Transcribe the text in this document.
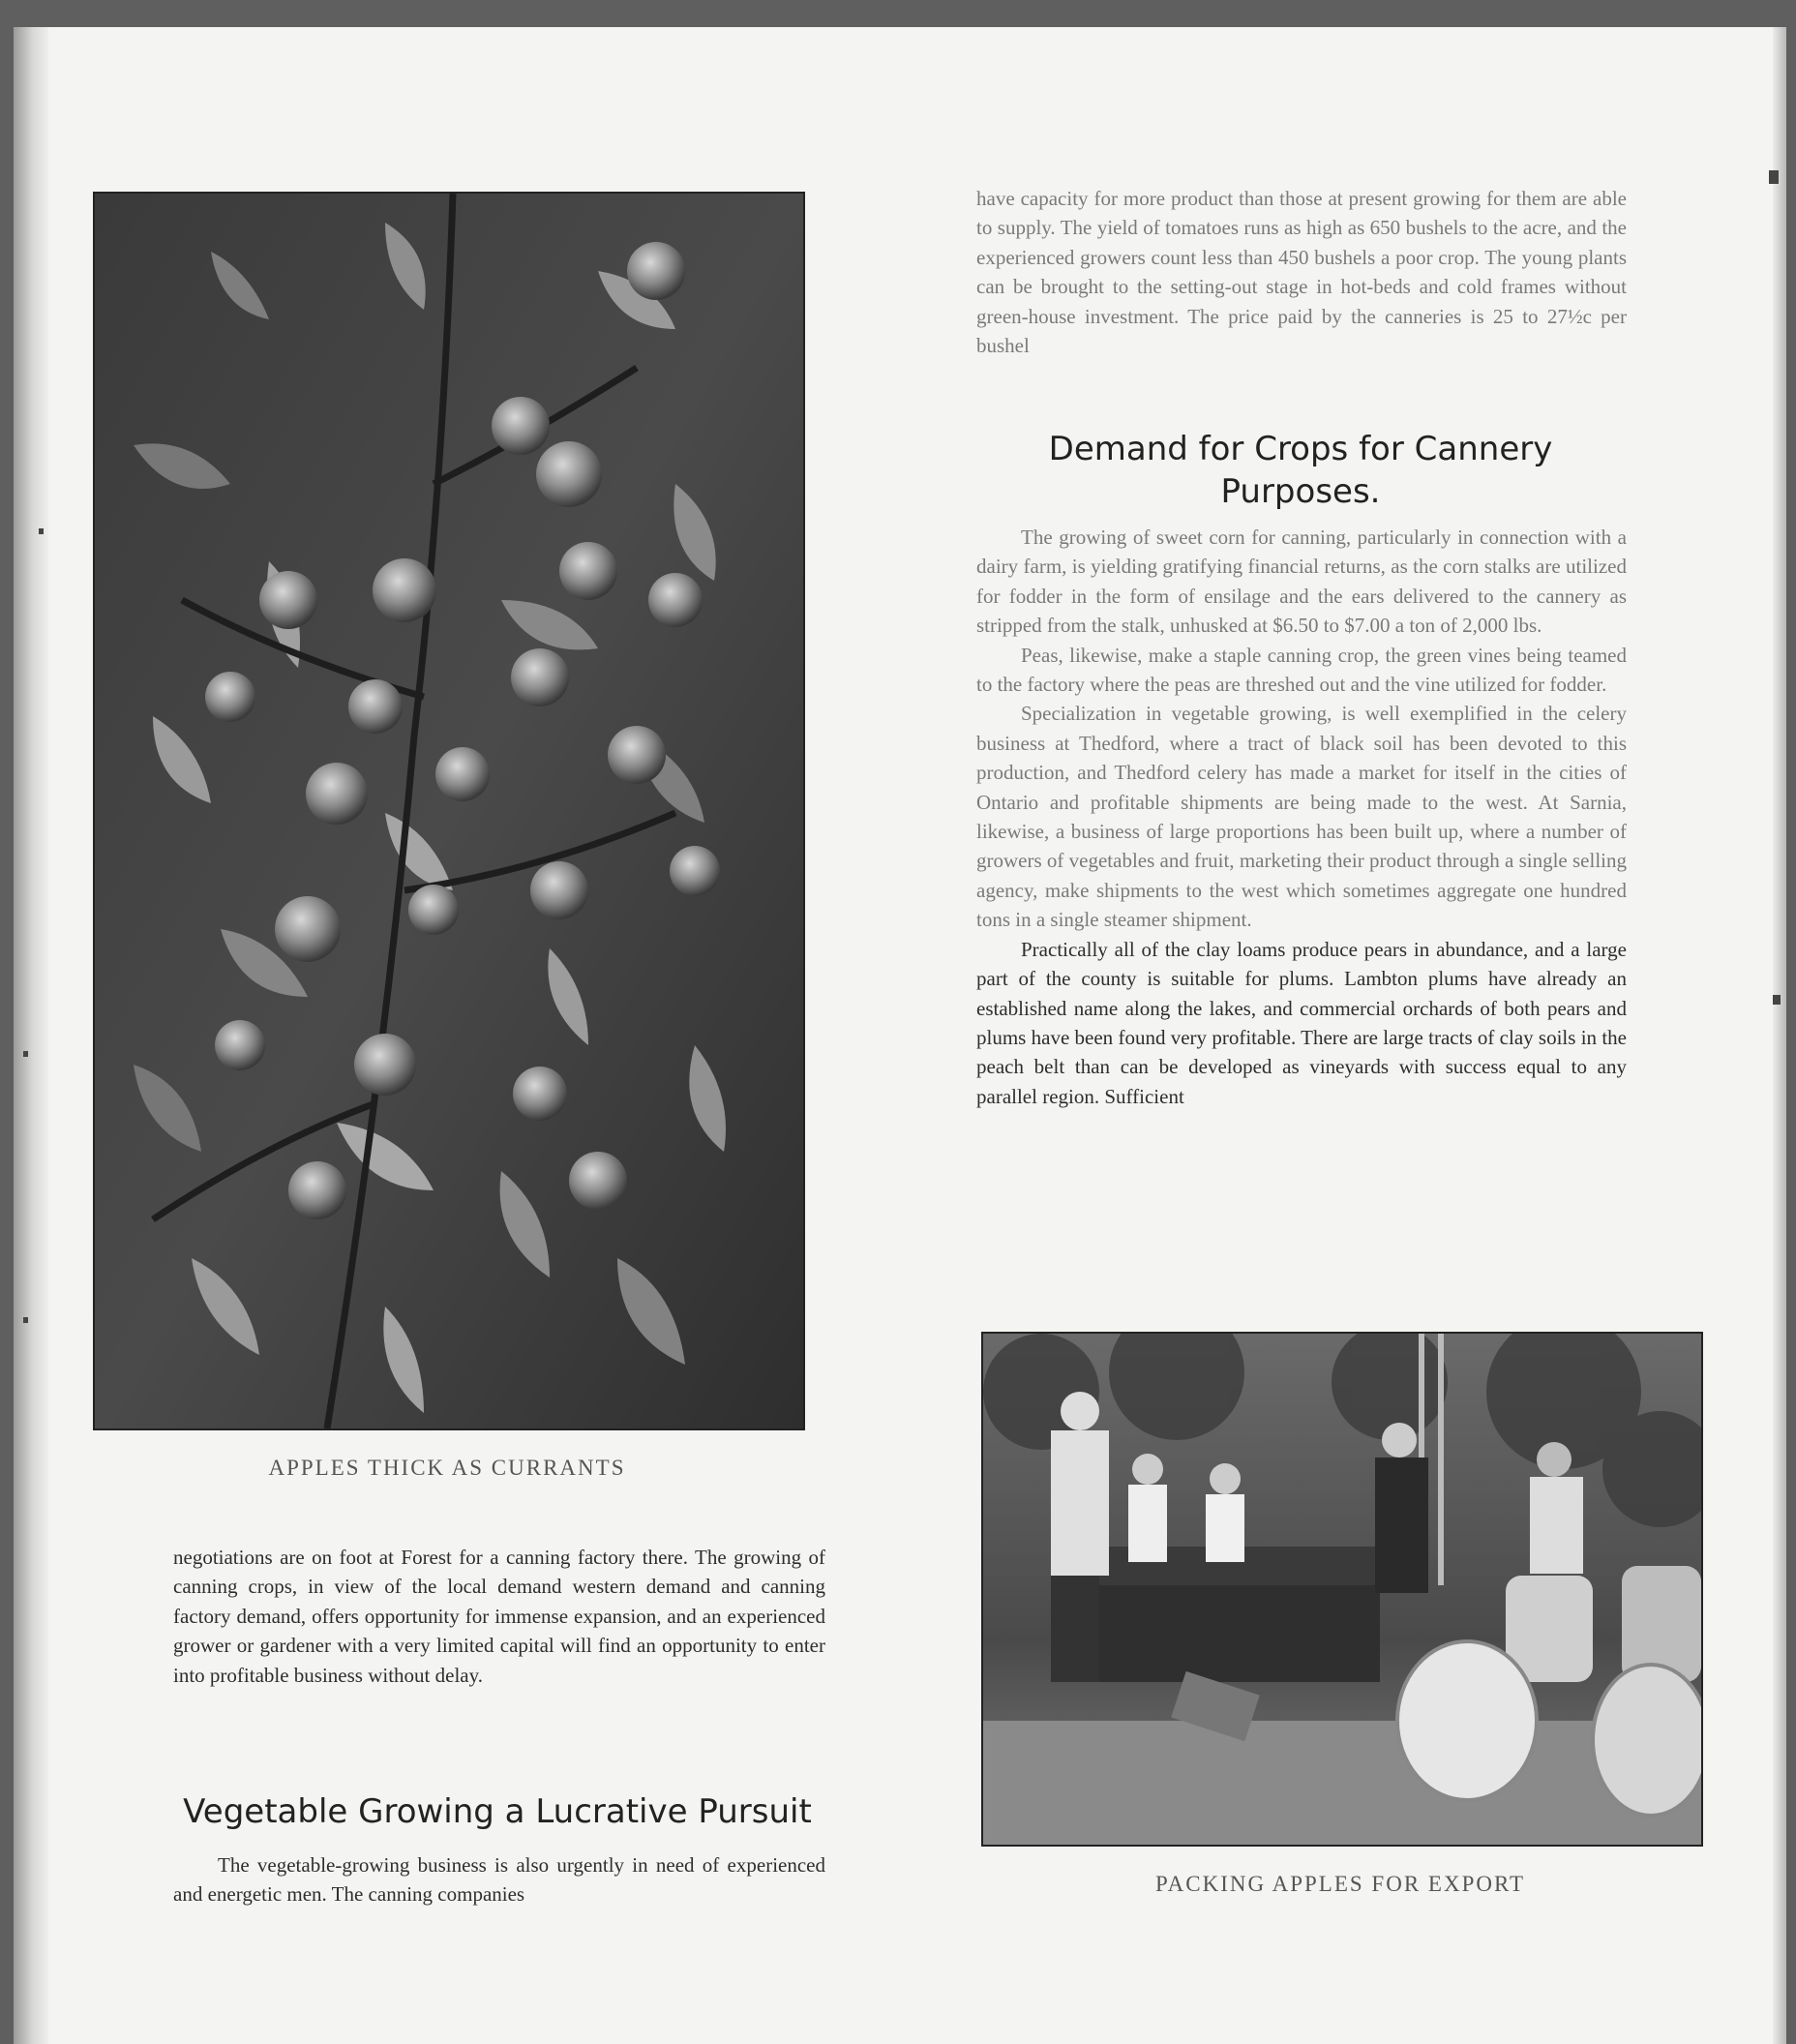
APPLES THICK AS CURRANTS

negotiations are on foot at Forest for a canning factory there. The growing of canning crops, in view of the local demand western demand and canning factory demand, offers opportunity for immense expansion, and an experienced grower or gardener with a very limited capital will find an opportunity to enter into profitable business without delay.

Vegetable Growing a Lucrative Pursuit

The vegetable-growing business is also urgently in need of experienced and energetic men. The canning companies

have capacity for more product than those at present growing for them are able to supply. The yield of tomatoes runs as high as 650 bushels to the acre, and the experienced growers count less than 450 bushels a poor crop. The young plants can be brought to the setting-out stage in hot-beds and cold frames without green-house investment. The price paid by the canneries is 25 to 27½c per bushel

Demand for Crops for Cannery Purposes.

The growing of sweet corn for canning, particularly in connection with a dairy farm, is yielding gratifying financial returns, as the corn stalks are utilized for fodder in the form of ensilage and the ears delivered to the cannery as stripped from the stalk, unhusked at $6.50 to $7.00 a ton of 2,000 lbs.

Peas, likewise, make a staple canning crop, the green vines being teamed to the factory where the peas are threshed out and the vine utilized for fodder.

Specialization in vegetable growing, is well exemplified in the celery business at Thedford, where a tract of black soil has been devoted to this production, and Thedford celery has made a market for itself in the cities of Ontario and profitable shipments are being made to the west. At Sarnia, likewise, a business of large proportions has been built up, where a number of growers of vegetables and fruit, marketing their product through a single selling agency, make shipments to the west which sometimes aggregate one hundred tons in a single steamer shipment.

Practically all of the clay loams produce pears in abundance, and a large part of the county is suitable for plums. Lambton plums have already an established name along the lakes, and commercial orchards of both pears and plums have been found very profitable. There are large tracts of clay soils in the peach belt than can be developed as vineyards with success equal to any parallel region. Sufficient

PACKING APPLES FOR EXPORT
